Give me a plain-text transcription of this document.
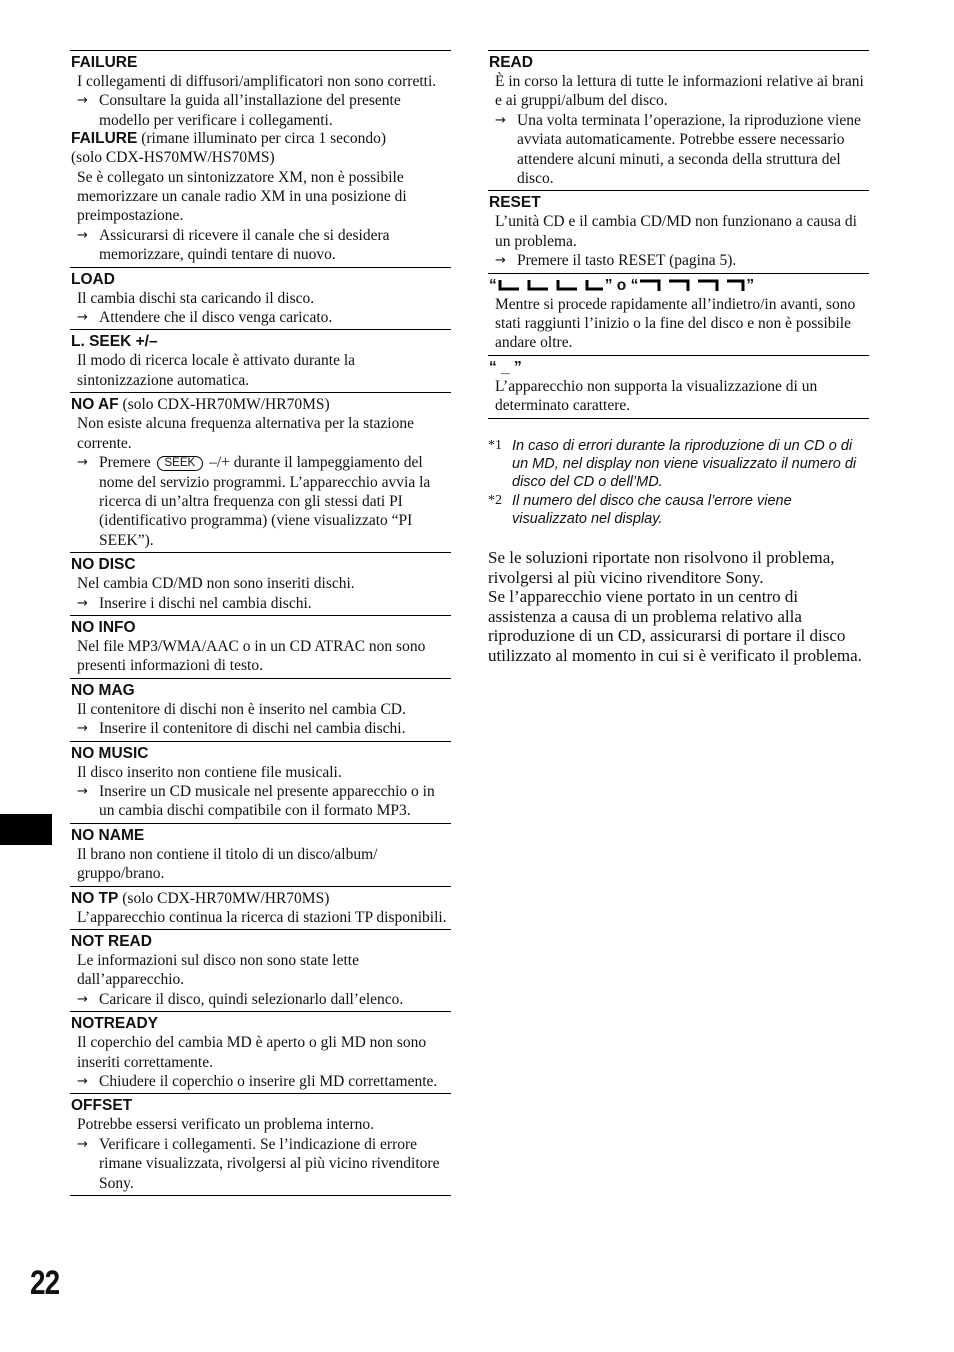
FAILURE
I collegamenti di diffusori/amplificatori non sono corretti.
→ Consultare la guida all’installazione del presente modello per verificare i collegamenti.
FAILURE (rimane illuminato per circa 1 secondo)
(solo CDX-HS70MW/HS70MS)
Se è collegato un sintonizzatore XM, non è possibile memorizzare un canale radio XM in una posizione di preimpostazione.
→ Assicurarsi di ricevere il canale che si desidera memorizzare, quindi tentare di nuovo.
LOAD
Il cambia dischi sta caricando il disco.
→ Attendere che il disco venga caricato.
L. SEEK +/–
Il modo di ricerca locale è attivato durante la sintonizzazione automatica.
NO AF (solo CDX-HR70MW/HR70MS)
Non esiste alcuna frequenza alternativa per la stazione corrente.
→ Premere SEEK –/+ durante il lampeggiamento del nome del servizio programmi. L’apparecchio avvia la ricerca di un’altra frequenza con gli stessi dati PI (identificativo programma) (viene visualizzato “PI SEEK”).
NO DISC
Nel cambia CD/MD non sono inseriti dischi.
→ Inserire i dischi nel cambia dischi.
NO INFO
Nel file MP3/WMA/AAC o in un CD ATRAC non sono presenti informazioni di testo.
NO MAG
Il contenitore di dischi non è inserito nel cambia CD.
→ Inserire il contenitore di dischi nel cambia dischi.
NO MUSIC
Il disco inserito non contiene file musicali.
→ Inserire un CD musicale nel presente apparecchio o in un cambia dischi compatibile con il formato MP3.
NO NAME
Il brano non contiene il titolo di un disco/album/ gruppo/brano.
NO TP (solo CDX-HR70MW/HR70MS)
L’apparecchio continua la ricerca di stazioni TP disponibili.
NOT READ
Le informazioni sul disco non sono state lette dall’apparecchio.
→ Caricare il disco, quindi selezionarlo dall’elenco.
NOTREADY
Il coperchio del cambia MD è aperto o gli MD non sono inseriti correttamente.
→ Chiudere il coperchio o inserire gli MD correttamente.
OFFSET
Potrebbe essersi verificato un problema interno.
→ Verificare i collegamenti. Se l’indicazione di errore rimane visualizzata, rivolgersi al più vicino rivenditore Sony.
READ
È in corso la lettura di tutte le informazioni relative ai brani e ai gruppi/album del disco.
→ Una volta terminata l’operazione, la riproduzione viene avviata automaticamente. Potrebbe essere necessario attendere alcuni minuti, a seconda della struttura del disco.
RESET
L’unità CD e il cambia CD/MD non funzionano a causa di un problema.
→ Premere il tasto RESET (pagina 5).
“	” o “	”
Mentre si procede rapidamente all’indietro/in avanti, sono stati raggiunti l’inizio o la fine del disco e non è possibile andare oltre.
“ _ ”
L’apparecchio non supporta la visualizzazione di un determinato carattere.
*1 In caso di errori durante la riproduzione di un CD o di un MD, nel display non viene visualizzato il numero di disco del CD o dell’MD.
*2 Il numero del disco che causa l’errore viene visualizzato nel display.
Se le soluzioni riportate non risolvono il problema, rivolgersi al più vicino rivenditore Sony.
Se l’apparecchio viene portato in un centro di assistenza a causa di un problema relativo alla riproduzione di un CD, assicurarsi di portare il disco utilizzato al momento in cui si è verificato il problema.
22
